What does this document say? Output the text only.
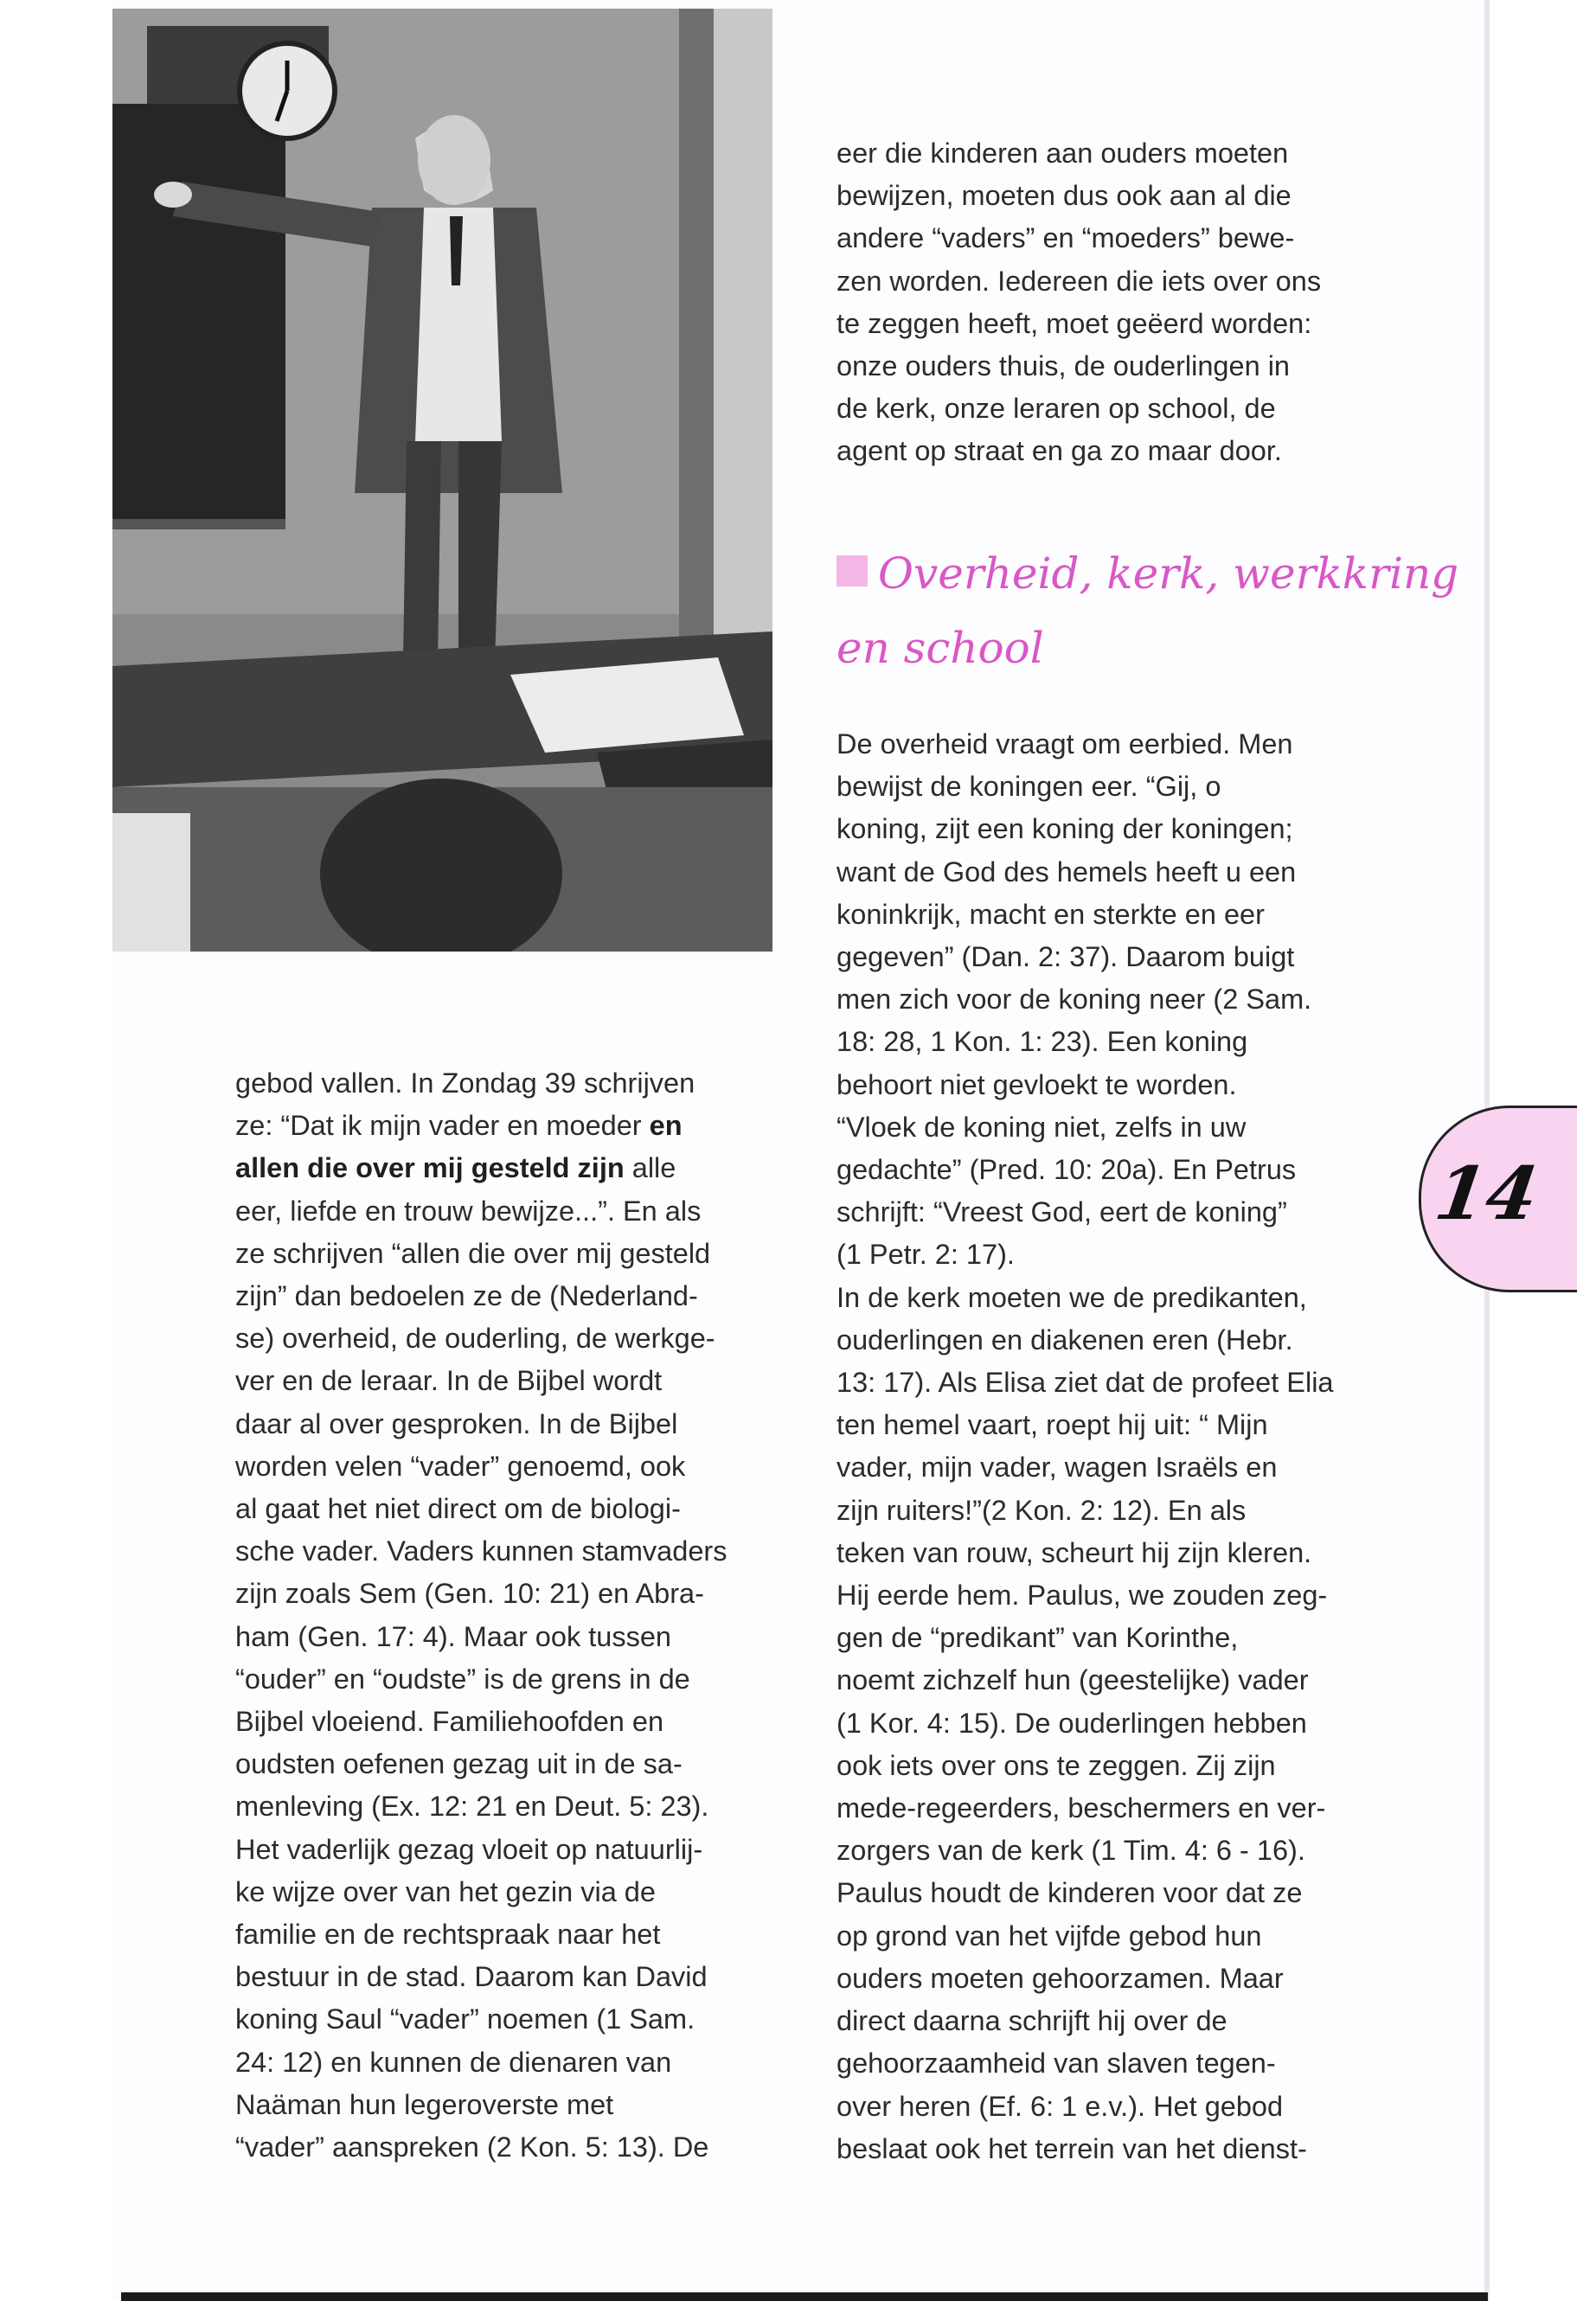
eer die kinderen aan ouders moeten
bewijzen, moeten dus ook aan al die
andere “vaders” en “moeders” bewe-
zen worden. Iedereen die iets over ons
te zeggen heeft, moet geëerd worden:
onze ouders thuis, de ouderlingen in
de kerk, onze leraren op school, de
agent op straat en ga zo maar door.
Overheid, kerk, werkkring
en school
De overheid vraagt om eerbied. Men
bewijst de koningen eer. “Gij, o
koning, zijt een koning der koningen;
want de God des hemels heeft u een
koninkrijk, macht en sterkte en eer
gegeven” (Dan. 2: 37). Daarom buigt
men zich voor de koning neer (2 Sam.
18: 28, 1 Kon. 1: 23). Een koning
behoort niet gevloekt te worden.
“Vloek de koning niet, zelfs in uw
gedachte” (Pred. 10: 20a). En Petrus
schrijft: “Vreest God, eert de koning”
(1 Petr. 2: 17).
In de kerk moeten we de predikanten,
ouderlingen en diakenen eren (Hebr.
13: 17). Als Elisa ziet dat de profeet Elia
ten hemel vaart, roept hij uit: “ Mijn
vader, mijn vader, wagen Israëls en
zijn ruiters!”(2 Kon. 2: 12). En als
teken van rouw, scheurt hij zijn kleren.
Hij eerde hem. Paulus, we zouden zeg-
gen de “predikant” van Korinthe,
noemt zichzelf hun (geestelijke) vader
(1 Kor. 4: 15). De ouderlingen hebben
ook iets over ons te zeggen. Zij zijn
mede-regeerders, beschermers en ver-
zorgers van de kerk (1 Tim. 4: 6 - 16).
Paulus houdt de kinderen voor dat ze
op grond van het vijfde gebod hun
ouders moeten gehoorzamen. Maar
direct daarna schrijft hij over de
gehoorzaamheid van slaven tegen-
over heren (Ef. 6: 1 e.v.). Het gebod
beslaat ook het terrein van het dienst-
gebod vallen. In Zondag 39 schrijven
ze: “Dat ik mijn vader en moeder en
allen die over mij gesteld zijn alle
eer, liefde en trouw bewijze...”. En als
ze schrijven “allen die over mij gesteld
zijn” dan bedoelen ze de (Nederland-
se) overheid, de ouderling, de werkge-
ver en de leraar. In de Bijbel wordt
daar al over gesproken. In de Bijbel
worden velen “vader” genoemd, ook
al gaat het niet direct om de biologi-
sche vader. Vaders kunnen stamvaders
zijn zoals Sem (Gen. 10: 21) en Abra-
ham (Gen. 17: 4). Maar ook tussen
“ouder” en “oudste” is de grens in de
Bijbel vloeiend. Familiehoofden en
oudsten oefenen gezag uit in de sa-
menleving (Ex. 12: 21 en Deut. 5: 23).
Het vaderlijk gezag vloeit op natuurlij-
ke wijze over van het gezin via de
familie en de rechtspraak naar het
bestuur in de stad. Daarom kan David
koning Saul “vader” noemen (1 Sam.
24: 12) en kunnen de dienaren van
Naäman hun legeroverste met
“vader” aanspreken (2 Kon. 5: 13). De
14
